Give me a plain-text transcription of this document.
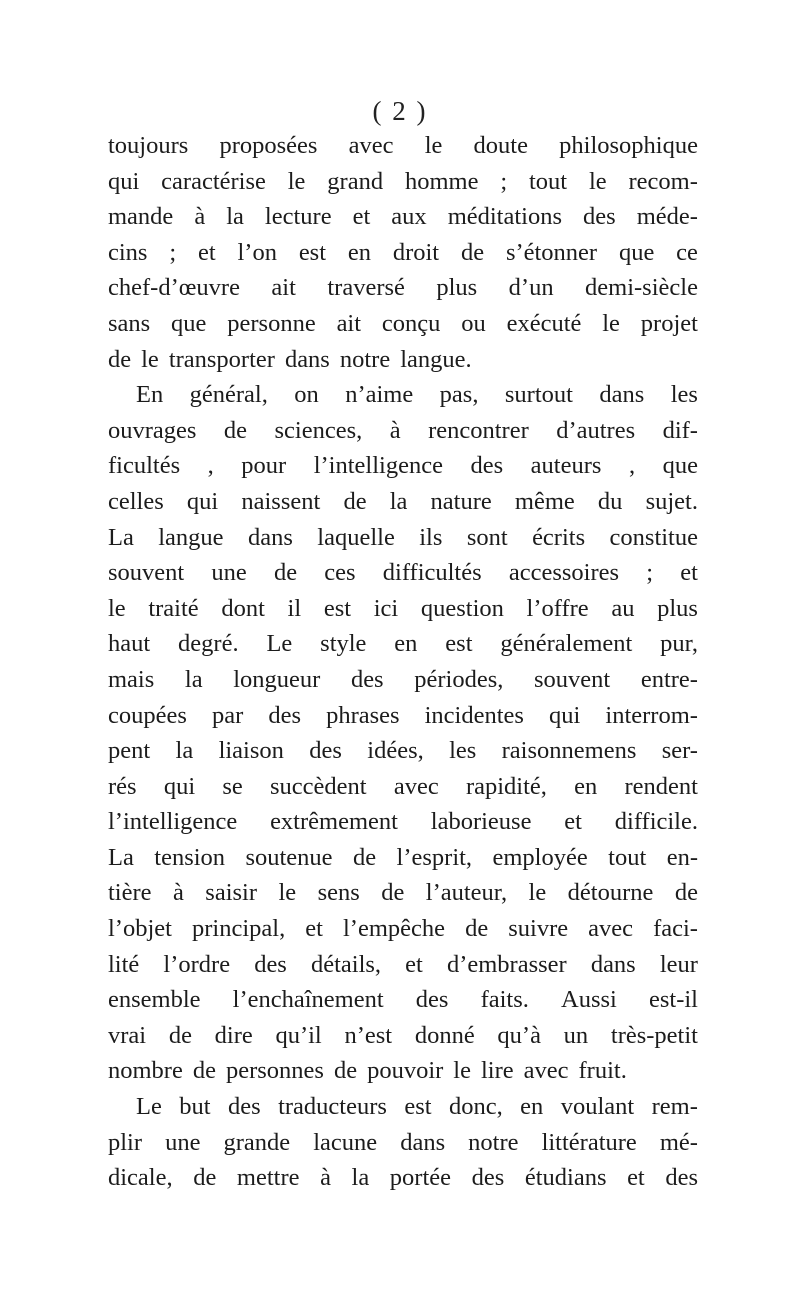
( 2 )
toujours proposées avec le doute philosophique
qui caractérise le grand homme ; tout le recom-
mande à la lecture et aux méditations des méde-
cins ; et l’on est en droit de s’étonner que ce
chef-d’œuvre ait traversé plus d’un demi-siècle
sans que personne ait conçu ou exécuté le projet
de le transporter dans notre langue.
En général, on n’aime pas, surtout dans les
ouvrages de sciences, à rencontrer d’autres dif-
ficultés , pour l’intelligence des auteurs , que
celles qui naissent de la nature même du sujet.
La langue dans laquelle ils sont écrits constitue
souvent une de ces difficultés accessoires ; et
le traité dont il est ici question l’offre au plus
haut degré. Le style en est généralement pur,
mais la longueur des périodes, souvent entre-
coupées par des phrases incidentes qui interrom-
pent la liaison des idées, les raisonnemens ser-
rés qui se succèdent avec rapidité, en rendent
l’intelligence extrêmement laborieuse et difficile.
La tension soutenue de l’esprit, employée tout en-
tière à saisir le sens de l’auteur, le détourne de
l’objet principal, et l’empêche de suivre avec faci-
lité l’ordre des détails, et d’embrasser dans leur
ensemble l’enchaînement des faits. Aussi est-il
vrai de dire qu’il n’est donné qu’à un très-petit
nombre de personnes de pouvoir le lire avec fruit.
Le but des traducteurs est donc, en voulant rem-
plir une grande lacune dans notre littérature mé-
dicale, de mettre à la portée des étudians et des
